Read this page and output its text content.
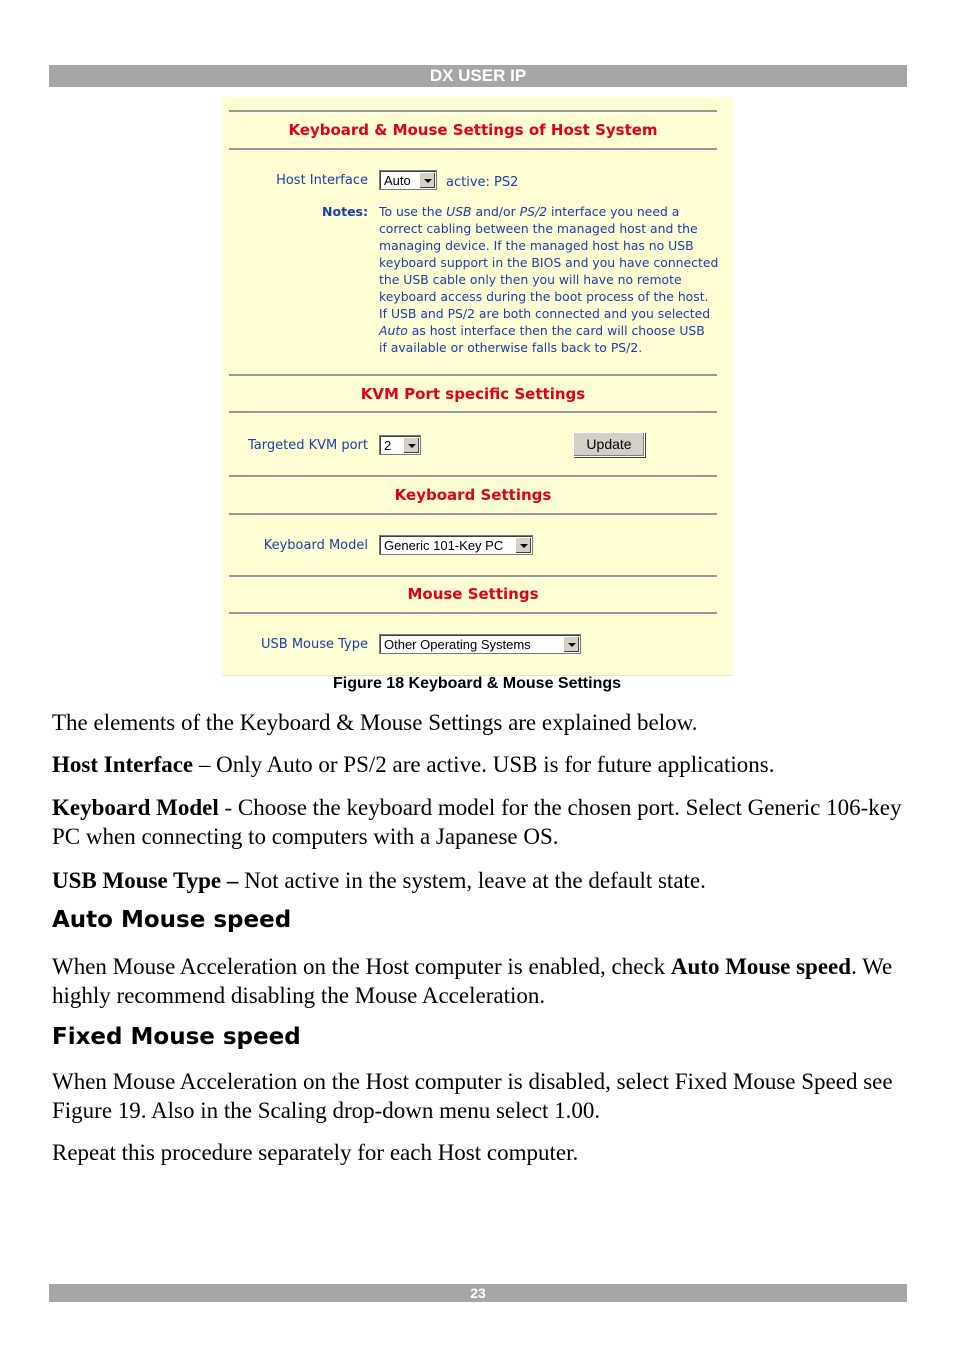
DX USER IP
Keyboard & Mouse Settings of Host System
Host Interface Auto	active: PS2
Notes: To use the USB and/or PS/2 interface you need a
correct cabling between the managed host and the
managing device. If the managed host has no USB
keyboard support in the BIOS and you have connected
the USB cable only then you will have no remote
keyboard access during the boot process of the host.
If USB and PS/2 are both connected and you selected
Auto as host interface then the card will choose USB
if available or otherwise falls back to PS/2.
KVM Port specific Settings
Targeted KVM port 2	Update
Keyboard Settings
Keyboard Model Generic 101-Key PC
Mouse Settings
USB Mouse Type Other Operating Systems
Figure 18 Keyboard & Mouse Settings
The elements of the Keyboard & Mouse Settings are explained below.
Host Interface – Only Auto or PS/2 are active. USB is for future applications.
Keyboard Model - Choose the keyboard model for the chosen port. Select Generic 106-key PC when connecting to computers with a Japanese OS.
USB Mouse Type – Not active in the system, leave at the default state.
Auto Mouse speed
When Mouse Acceleration on the Host computer is enabled, check Auto Mouse speed. We highly recommend disabling the Mouse Acceleration.
Fixed Mouse speed
When Mouse Acceleration on the Host computer is disabled, select Fixed Mouse Speed see Figure 19. Also in the Scaling drop-down menu select 1.00.
Repeat this procedure separately for each Host computer.
23
